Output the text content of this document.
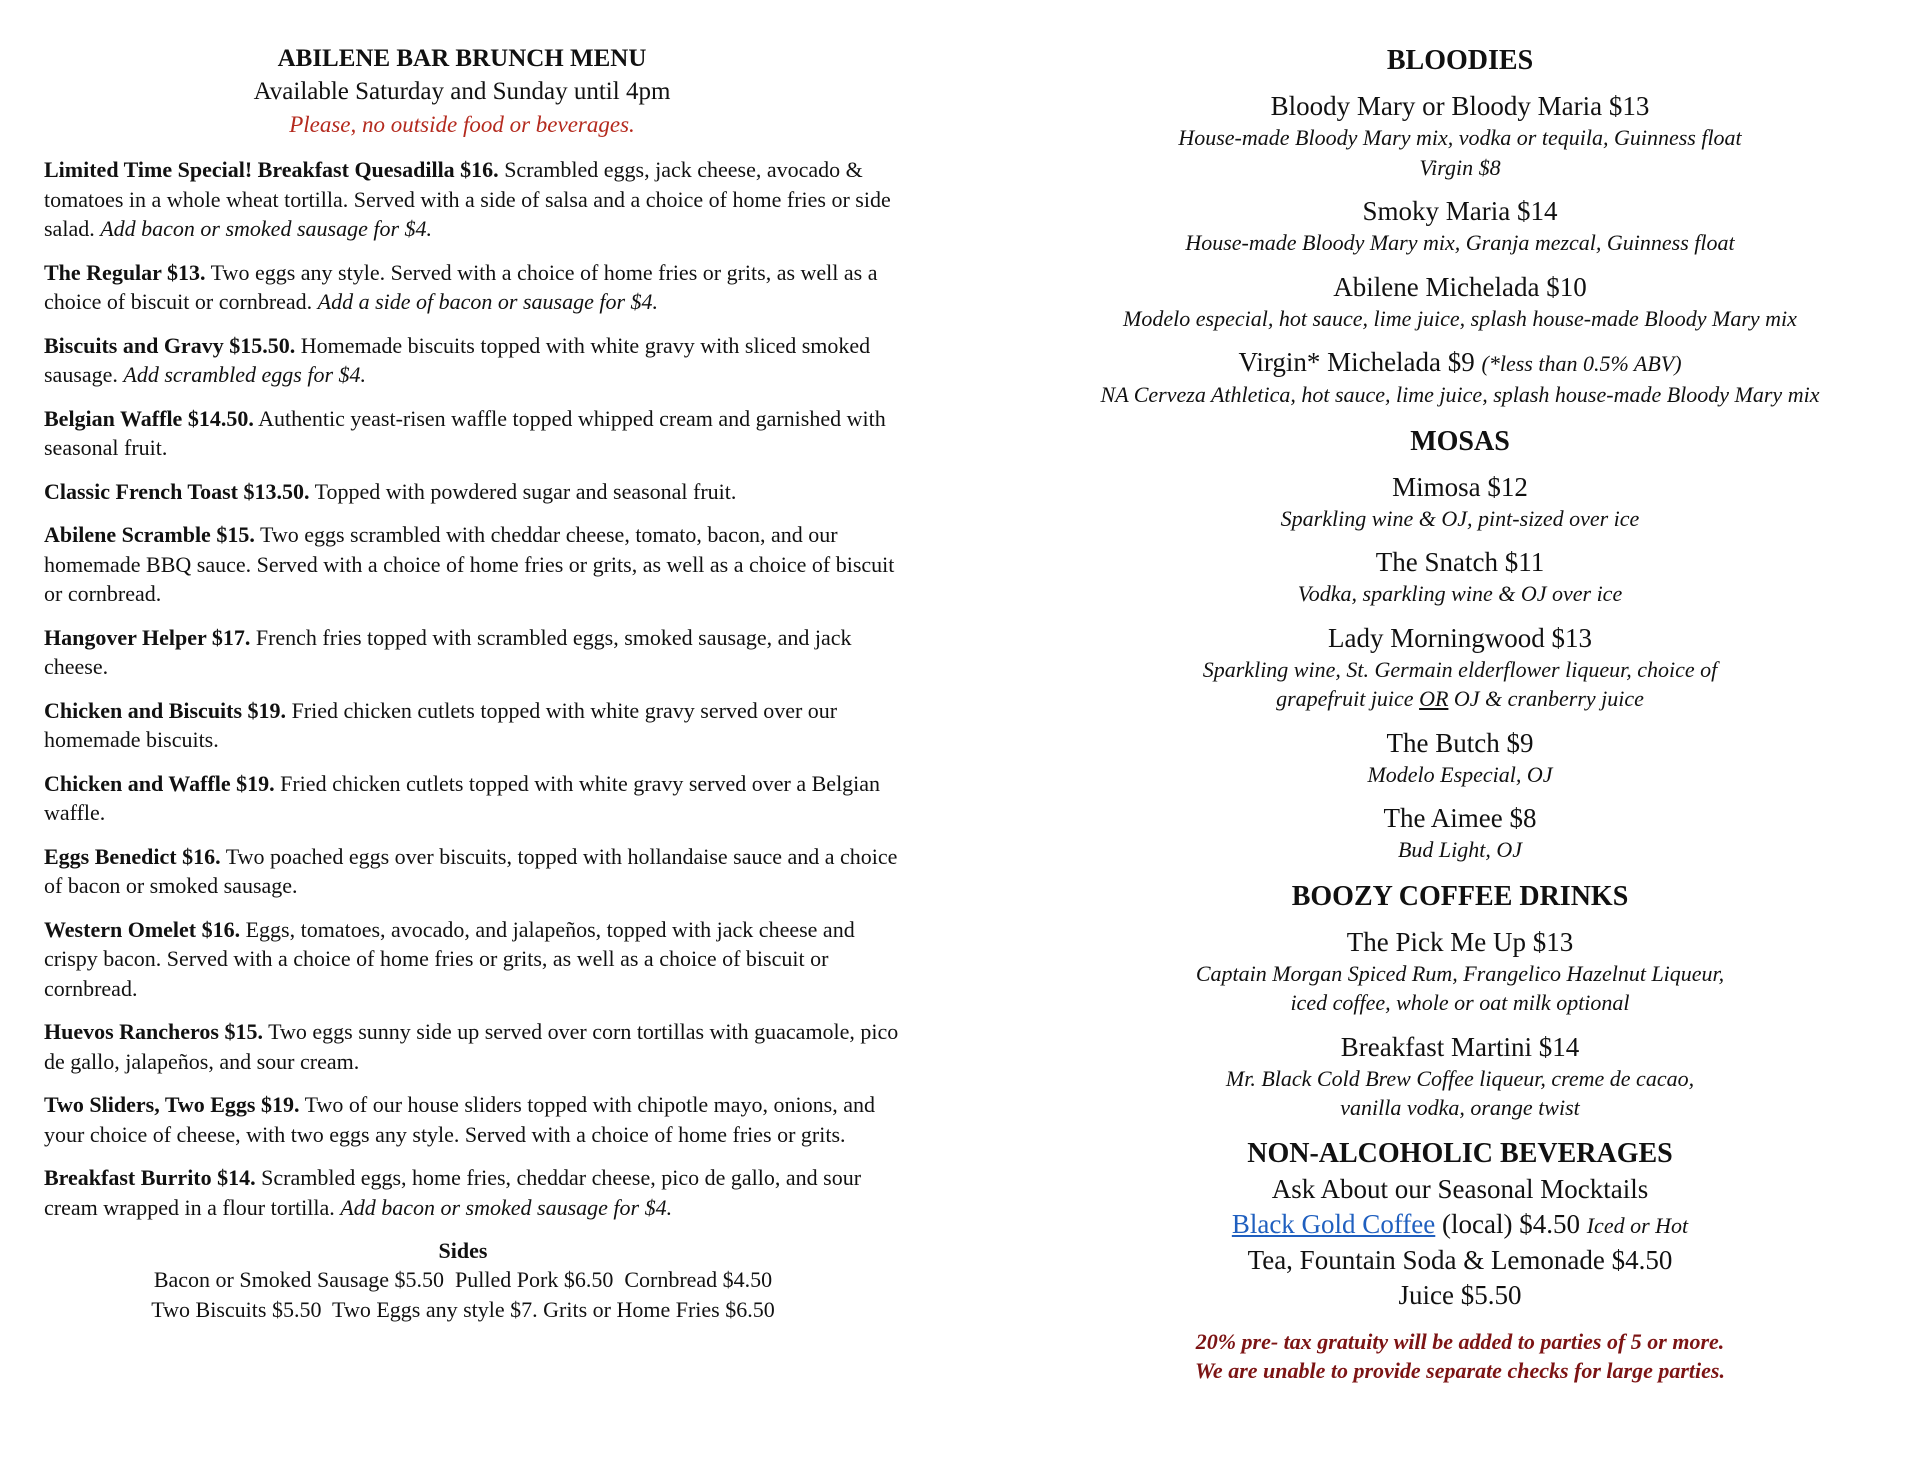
ABILENE BAR BRUNCH MENU
Available Saturday and Sunday until 4pm
Please, no outside food or beverages.
Limited Time Special! Breakfast Quesadilla $16. Scrambled eggs, jack cheese, avocado & tomatoes in a whole wheat tortilla. Served with a side of salsa and a choice of home fries or side salad. Add bacon or smoked sausage for $4.
The Regular $13. Two eggs any style. Served with a choice of home fries or grits, as well as a choice of biscuit or cornbread. Add a side of bacon or sausage for $4.
Biscuits and Gravy $15.50. Homemade biscuits topped with white gravy with sliced smoked sausage. Add scrambled eggs for $4.
Belgian Waffle $14.50. Authentic yeast-risen waffle topped whipped cream and garnished with seasonal fruit.
Classic French Toast $13.50. Topped with powdered sugar and seasonal fruit.
Abilene Scramble $15. Two eggs scrambled with cheddar cheese, tomato, bacon, and our homemade BBQ sauce. Served with a choice of home fries or grits, as well as a choice of biscuit or cornbread.
Hangover Helper $17. French fries topped with scrambled eggs, smoked sausage, and jack cheese.
Chicken and Biscuits $19. Fried chicken cutlets topped with white gravy served over our homemade biscuits.
Chicken and Waffle $19. Fried chicken cutlets topped with white gravy served over a Belgian waffle.
Eggs Benedict $16. Two poached eggs over biscuits, topped with hollandaise sauce and a choice of bacon or smoked sausage.
Western Omelet $16. Eggs, tomatoes, avocado, and jalapeños, topped with jack cheese and crispy bacon. Served with a choice of home fries or grits, as well as a choice of biscuit or cornbread.
Huevos Rancheros $15. Two eggs sunny side up served over corn tortillas with guacamole, pico de gallo, jalapeños, and sour cream.
Two Sliders, Two Eggs $19. Two of our house sliders topped with chipotle mayo, onions, and your choice of cheese, with two eggs any style. Served with a choice of home fries or grits.
Breakfast Burrito $14. Scrambled eggs, home fries, cheddar cheese, pico de gallo, and sour cream wrapped in a flour tortilla. Add bacon or smoked sausage for $4.
Sides
Bacon or Smoked Sausage $5.50  Pulled Pork $6.50  Cornbread $4.50
Two Biscuits $5.50  Two Eggs any style $7. Grits or Home Fries $6.50
BLOODIES
Bloody Mary or Bloody Maria $13
House-made Bloody Mary mix, vodka or tequila, Guinness float
Virgin $8
Smoky Maria $14
House-made Bloody Mary mix, Granja mezcal, Guinness float
Abilene Michelada $10
Modelo especial, hot sauce, lime juice, splash house-made Bloody Mary mix
Virgin* Michelada $9 (*less than 0.5% ABV)
NA Cerveza Athletica, hot sauce, lime juice, splash house-made Bloody Mary mix
MOSAS
Mimosa $12
Sparkling wine & OJ, pint-sized over ice
The Snatch $11
Vodka, sparkling wine & OJ over ice
Lady Morningwood $13
Sparkling wine, St. Germain elderflower liqueur, choice of
grapefruit juice OR OJ & cranberry juice
The Butch $9
Modelo Especial, OJ
The Aimee $8
Bud Light, OJ
BOOZY COFFEE DRINKS
The Pick Me Up $13
Captain Morgan Spiced Rum, Frangelico Hazelnut Liqueur,
iced coffee, whole or oat milk optional
Breakfast Martini $14
Mr. Black Cold Brew Coffee liqueur, creme de cacao,
vanilla vodka, orange twist
NON-ALCOHOLIC BEVERAGES
Ask About our Seasonal Mocktails
Black Gold Coffee (local) $4.50 Iced or Hot
Tea, Fountain Soda & Lemonade $4.50
Juice $5.50
20% pre- tax gratuity will be added to parties of 5 or more.
We are unable to provide separate checks for large parties.
